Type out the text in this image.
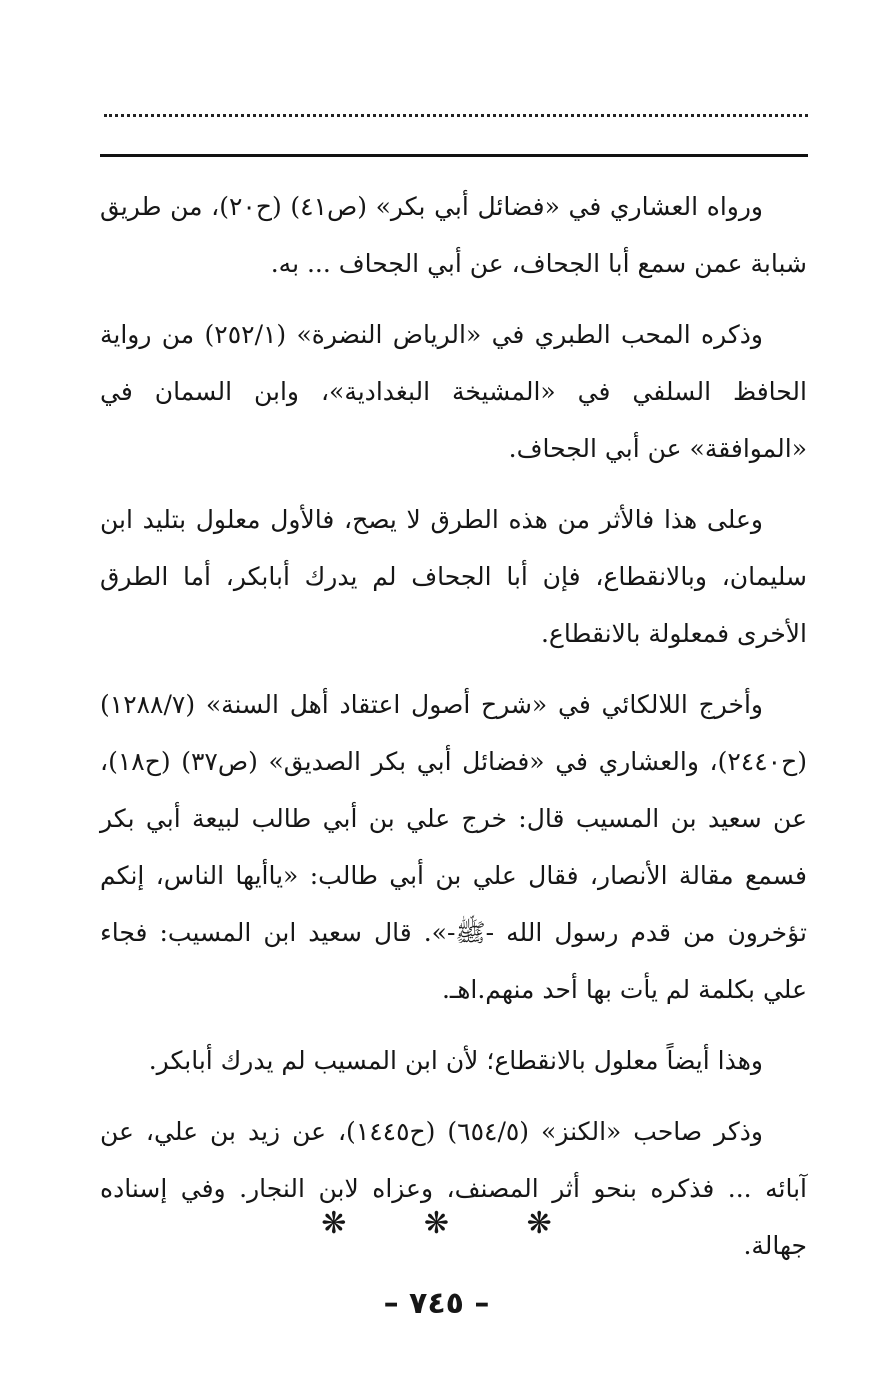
ورواه العشاري في «فضائل أبي بكر» (ص٤١) (ح٢٠)، من طريق شبابة عمن سمع أبا الجحاف، عن أبي الجحاف ... به.

وذكره المحب الطبري في «الرياض النضرة» (٢٥٢/١) من رواية الحافظ السلفي في «المشيخة البغدادية»، وابن السمان في «الموافقة» عن أبي الجحاف.

وعلى هذا فالأثر من هذه الطرق لا يصح، فالأول معلول بتليد ابن سليمان، وبالانقطاع، فإن أبا الجحاف لم يدرك أبابكر، أما الطرق الأخرى فمعلولة بالانقطاع.

وأخرج اللالكائي في «شرح أصول اعتقاد أهل السنة» (١٢٨٨/٧) (ح٢٤٤٠)، والعشاري في «فضائل أبي بكر الصديق» (ص٣٧) (ح١٨)، عن سعيد بن المسيب قال: خرج علي بن أبي طالب لبيعة أبي بكر فسمع مقالة الأنصار، فقال علي بن أبي طالب: «ياأيها الناس، إنكم تؤخرون من قدم رسول الله -ﷺ-». قال سعيد ابن المسيب: فجاء علي بكلمة لم يأت بها أحد منهم.اهـ.

وهذا أيضاً معلول بالانقطاع؛ لأن ابن المسيب لم يدرك أبابكر.

وذكر صاحب «الكنز» (٦٥٤/٥) (ح١٤٤٥)، عن زيد بن علي، عن آبائه ... فذكره بنحو أثر المصنف، وعزاه لابن النجار. وفي إسناده جهالة.

❋	❋	❋
– ٧٤٥ –
